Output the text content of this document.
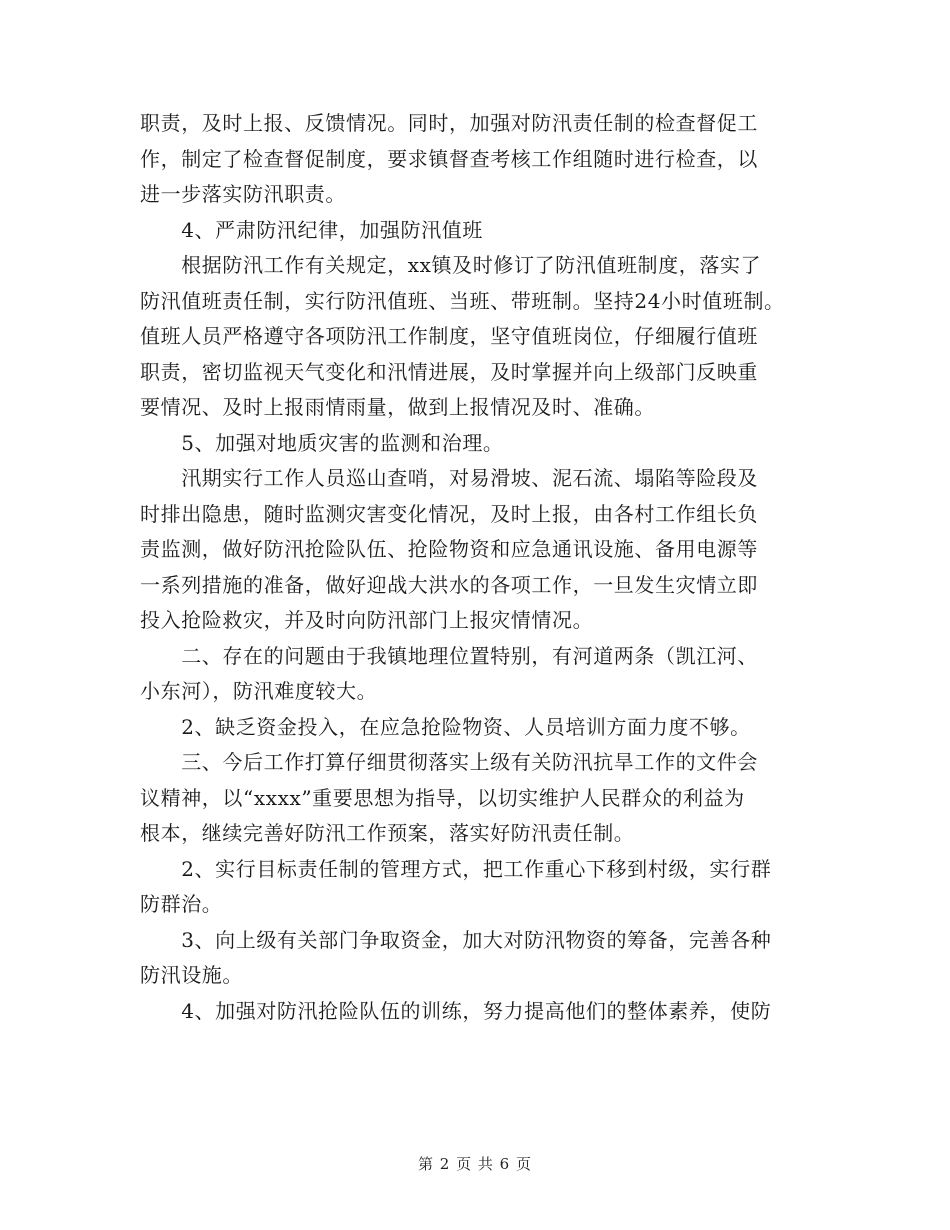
职责，及时上报、反馈情况。同时，加强对防汛责任制的检查督促工
作，制定了检查督促制度，要求镇督查考核工作组随时进行检查，以
进一步落实防汛职责。
　　4、严肃防汛纪律，加强防汛值班
　　根据防汛工作有关规定，xx镇及时修订了防汛值班制度，落实了
防汛值班责任制，实行防汛值班、当班、带班制。坚持24小时值班制。
值班人员严格遵守各项防汛工作制度，坚守值班岗位，仔细履行值班
职责，密切监视天气变化和汛情进展，及时掌握并向上级部门反映重
要情况、及时上报雨情雨量，做到上报情况及时、准确。
　　5、加强对地质灾害的监测和治理。
　　汛期实行工作人员巡山查哨，对易滑坡、泥石流、塌陷等险段及
时排出隐患，随时监测灾害变化情况，及时上报，由各村工作组长负
责监测，做好防汛抢险队伍、抢险物资和应急通讯设施、备用电源等
一系列措施的准备，做好迎战大洪水的各项工作，一旦发生灾情立即
投入抢险救灾，并及时向防汛部门上报灾情情况。
　　二、存在的问题由于我镇地理位置特别，有河道两条（凯江河、
小东河），防汛难度较大。
　　2、缺乏资金投入，在应急抢险物资、人员培训方面力度不够。
　　三、今后工作打算仔细贯彻落实上级有关防汛抗旱工作的文件会
议精神，以“xxxx”重要思想为指导，以切实维护人民群众的利益为
根本，继续完善好防汛工作预案，落实好防汛责任制。
　　2、实行目标责任制的管理方式，把工作重心下移到村级，实行群
防群治。
　　3、向上级有关部门争取资金，加大对防汛物资的筹备，完善各种
防汛设施。
　　4、加强对防汛抢险队伍的训练，努力提高他们的整体素养，使防
第 2 页 共 6 页
